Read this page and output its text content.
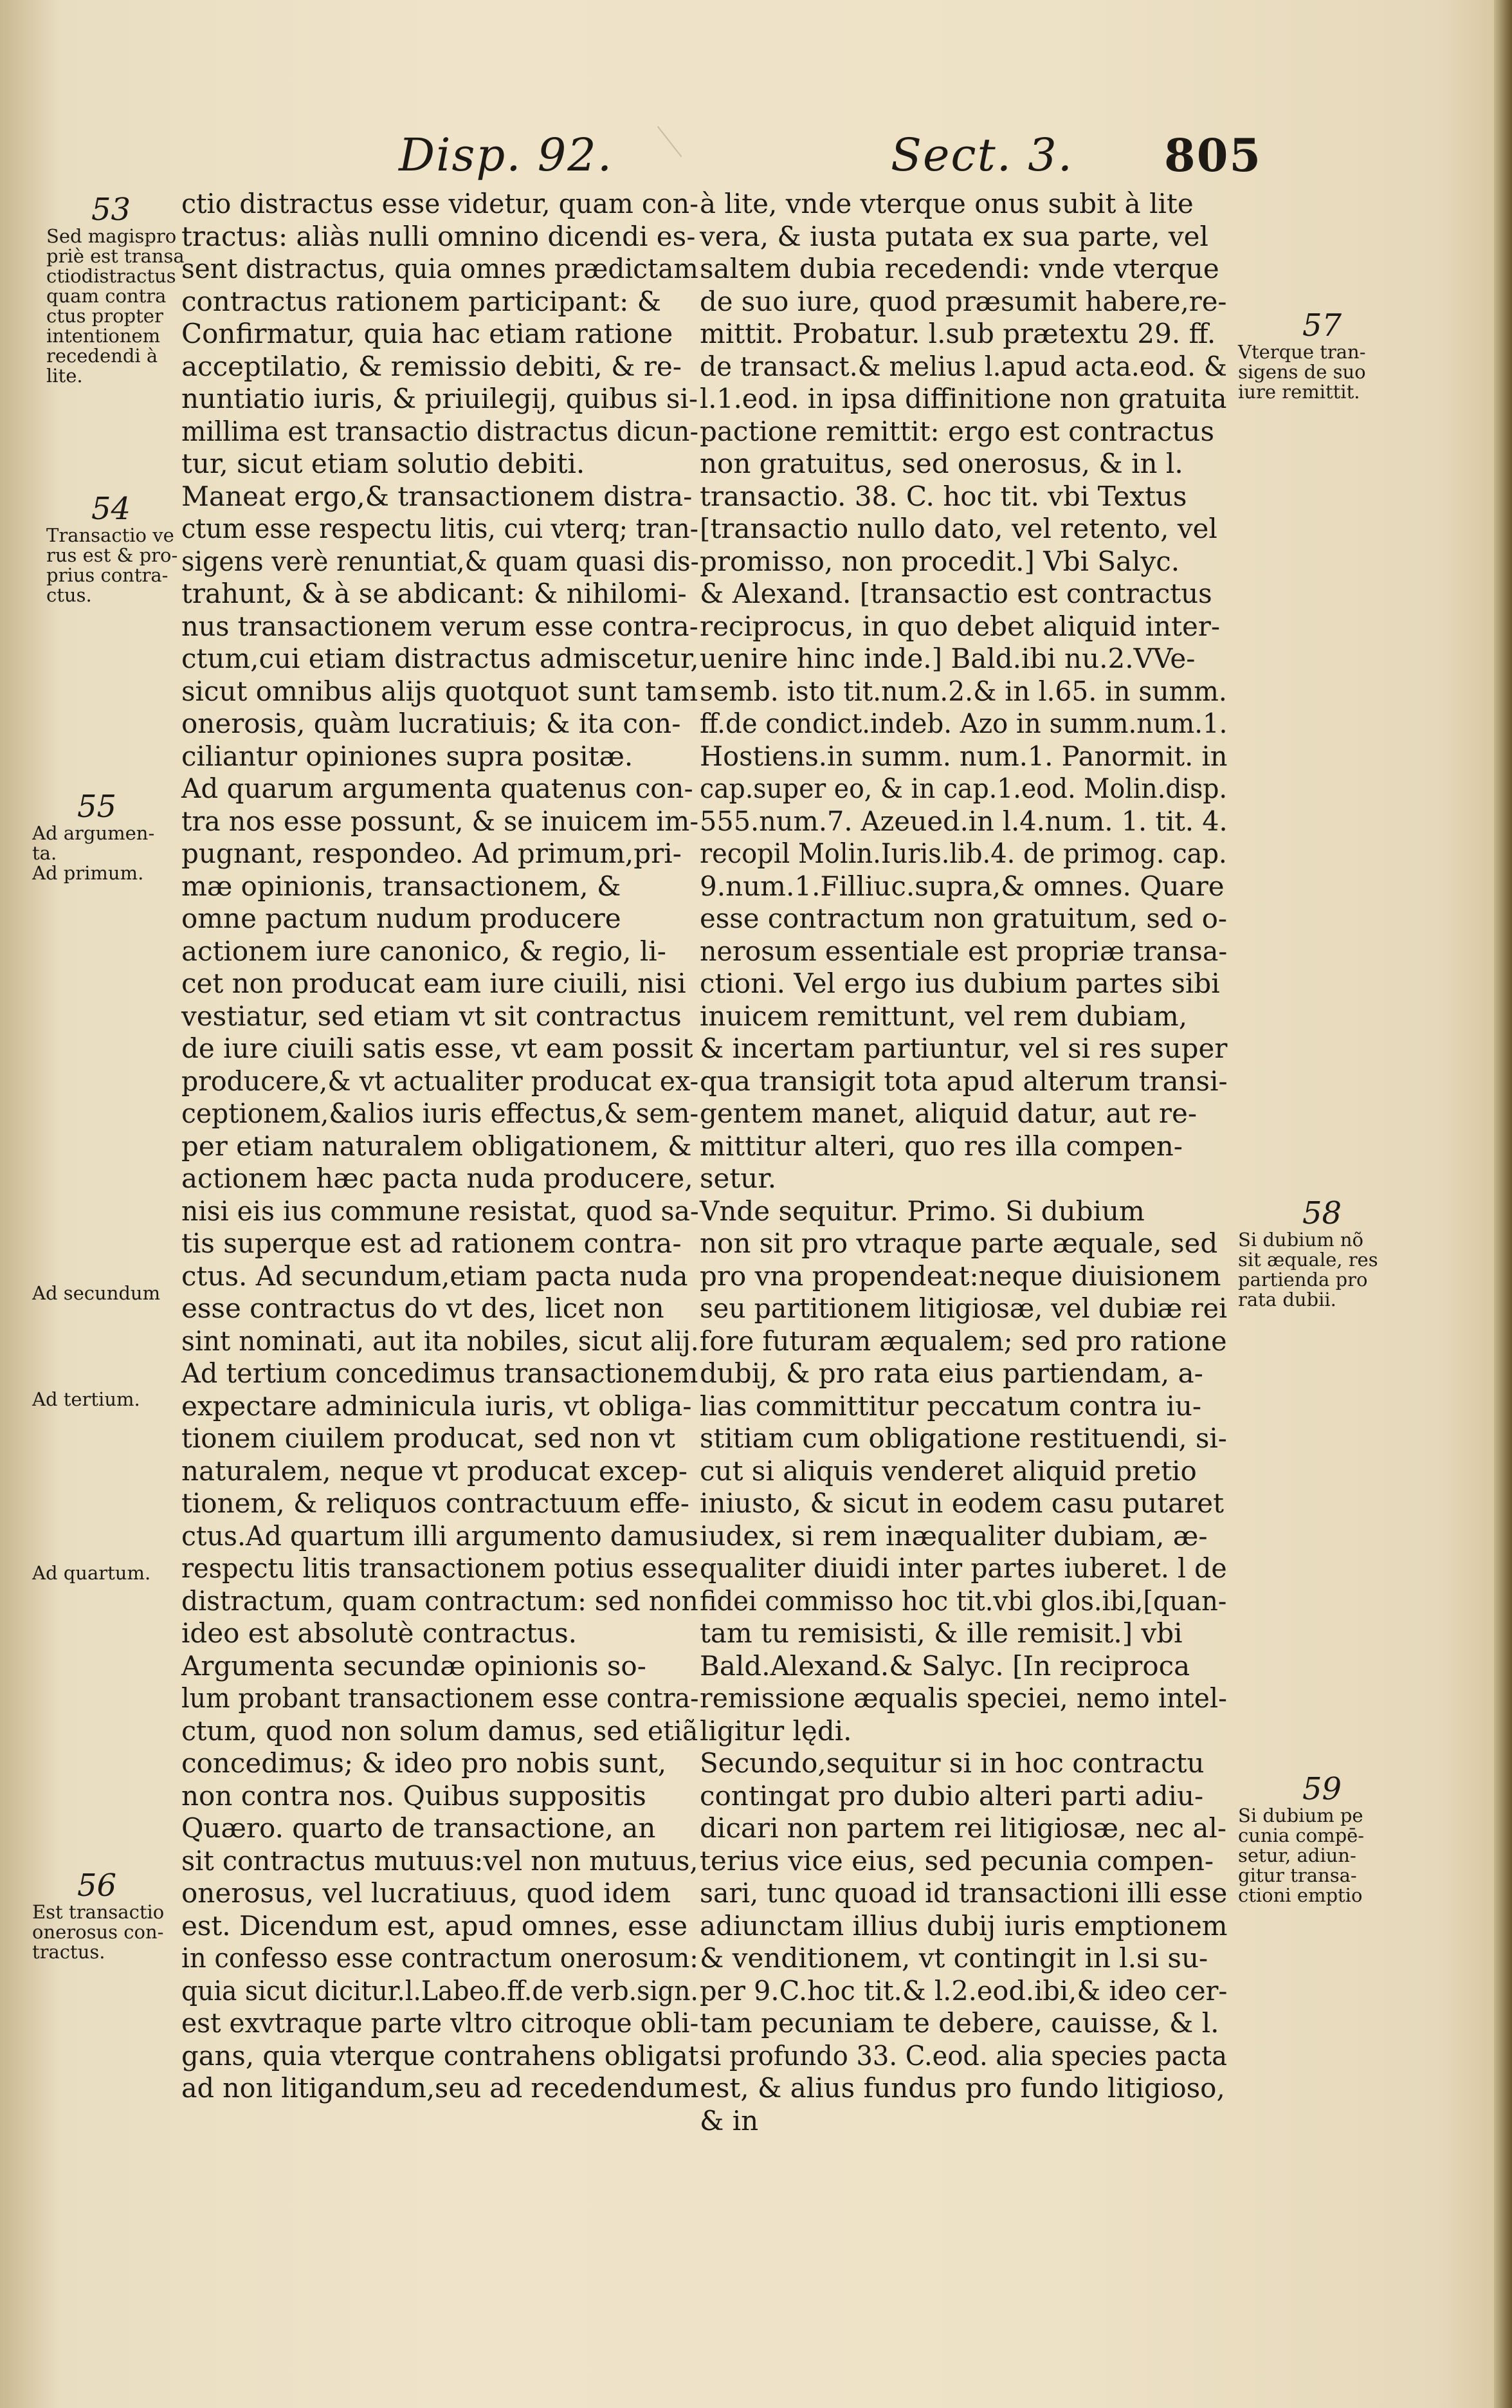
Disp. 92.	Sect. 3. 805
ctio distractus esse videtur, quam con-
tractus: aliàs nulli omnino dicendi es-
sent distractus, quia omnes prædictam
contractus rationem participant: &
Confirmatur, quia hac etiam ratione
acceptilatio, & remissio debiti, & re-
nuntiatio iuris, & priuilegij, quibus si-
millima est transactio distractus dicun-
tur, sicut etiam solutio debiti.
Maneat ergo,& transactionem distra-
ctum esse respectu litis, cui vterq; tran-
sigens verè renuntiat,& quam quasi dis-
trahunt, & à se abdicant: & nihilomi-
nus transactionem verum esse contra-
ctum,cui etiam distractus admiscetur,
sicut omnibus alijs quotquot sunt tam
onerosis, quàm lucratiuis; & ita con-
ciliantur opiniones supra positæ.
Ad quarum argumenta quatenus con-
tra nos esse possunt, & se inuicem im-
pugnant, respondeo. Ad primum,pri-
mæ opinionis, transactionem, &
omne pactum nudum producere
actionem iure canonico, & regio, li-
cet non producat eam iure ciuili, nisi
vestiatur, sed etiam vt sit contractus
de iure ciuili satis esse, vt eam possit
producere,& vt actualiter producat ex-
ceptionem,&alios iuris effectus,& sem-
per etiam naturalem obligationem, &
actionem hæc pacta nuda producere,
nisi eis ius commune resistat, quod sa-
tis superque est ad rationem contra-
ctus. Ad secundum,etiam pacta nuda
esse contractus do vt des, licet non
sint nominati, aut ita nobiles, sicut alij.
Ad tertium concedimus transactionem
expectare adminicula iuris, vt obliga-
tionem ciuilem producat, sed non vt
naturalem, neque vt producat excep-
tionem, & reliquos contractuum effe-
ctus.Ad quartum illi argumento damus
respectu litis transactionem potius esse
distractum, quam contractum: sed non
ideo est absolutè contractus.
Argumenta secundæ opinionis so-
lum probant transactionem esse contra-
ctum, quod non solum damus, sed etiã
concedimus; & ideo pro nobis sunt,
non contra nos. Quibus suppositis
Quæro. quarto de transactione, an
sit contractus mutuus:vel non mutuus,
onerosus, vel lucratiuus, quod idem
est. Dicendum est, apud omnes, esse
in confesso esse contractum onerosum:
quia sicut dicitur.l.Labeo.ff.de verb.sign.
est exvtraque parte vltro citroque obli-
gans, quia vterque contrahens obligat
ad non litigandum,seu ad recedendum
à lite, vnde vterque onus subit à lite
vera, & iusta putata ex sua parte, vel
saltem dubia recedendi: vnde vterque
de suo iure, quod præsumit habere,re-
mittit. Probatur. l.sub prætextu 29. ff.
de transact.& melius l.apud acta.eod. &
l.1.eod. in ipsa diffinitione non gratuita
pactione remittit: ergo est contractus
non gratuitus, sed onerosus, & in l.
transactio. 38. C. hoc tit. vbi Textus
[transactio nullo dato, vel retento, vel
promisso, non procedit.] Vbi Salyc.
& Alexand. [transactio est contractus
reciprocus, in quo debet aliquid inter-
uenire hinc inde.] Bald.ibi nu.2.VVe-
semb. isto tit.num.2.& in l.65. in summ.
ff.de condict.indeb. Azo in summ.num.1.
Hostiens.in summ. num.1. Panormit. in
cap.super eo, & in cap.1.eod. Molin.disp.
555.num.7. Azeued.in l.4.num. 1. tit. 4.
recopil Molin.Iuris.lib.4. de primog. cap.
9.num.1.Filliuc.supra,& omnes. Quare
esse contractum non gratuitum, sed o-
nerosum essentiale est propriæ transa-
ctioni. Vel ergo ius dubium partes sibi
inuicem remittunt, vel rem dubiam,
& incertam partiuntur, vel si res super
qua transigit tota apud alterum transi-
gentem manet, aliquid datur, aut re-
mittitur alteri, quo res illa compen-
setur.
Vnde sequitur. Primo. Si dubium
non sit pro vtraque parte æquale, sed
pro vna propendeat:neque diuisionem
seu partitionem litigiosæ, vel dubiæ rei
fore futuram æqualem; sed pro ratione
dubij, & pro rata eius partiendam, a-
lias committitur peccatum contra iu-
stitiam cum obligatione restituendi, si-
cut si aliquis venderet aliquid pretio
iniusto, & sicut in eodem casu putaret
iudex, si rem inæqualiter dubiam, æ-
qualiter diuidi inter partes iuberet. l de
fidei commisso hoc tit.vbi glos.ibi,[quan-
tam tu remisisti, & ille remisit.] vbi
Bald.Alexand.& Salyc. [In reciproca
remissione æqualis speciei, nemo intel-
ligitur lędi.
Secundo,sequitur si in hoc contractu
contingat pro dubio alteri parti adiu-
dicari non partem rei litigiosæ, nec al-
terius vice eius, sed pecunia compen-
sari, tunc quoad id transactioni illi esse
adiunctam illius dubij iuris emptionem
& venditionem, vt contingit in l.si su-
per 9.C.hoc tit.& l.2.eod.ibi,& ideo cer-
tam pecuniam te debere, cauisse, & l.
si profundo 33. C.eod. alia species pacta
est, & alius fundus pro fundo litigioso,
& in
53
Sed magispro
priè est transa
ctiodistractus
quam contra
ctus propter
intentionem
recedendi à
lite.
54
Transactio ve
rus est & pro-
prius contra-
ctus.
55
Ad argumen-
ta.
Ad primum.
Ad secundum
Ad tertium.
Ad quartum.
56
Est transactio
onerosus con-
tractus.
57
Vterque tran-
sigens de suo
iure remittit.
58
Si dubium nõ
sit æquale, res
partienda pro
rata dubii.
59
Si dubium pe
cunia compē-
setur, adiun-
gitur transa-
ctioni emptio
